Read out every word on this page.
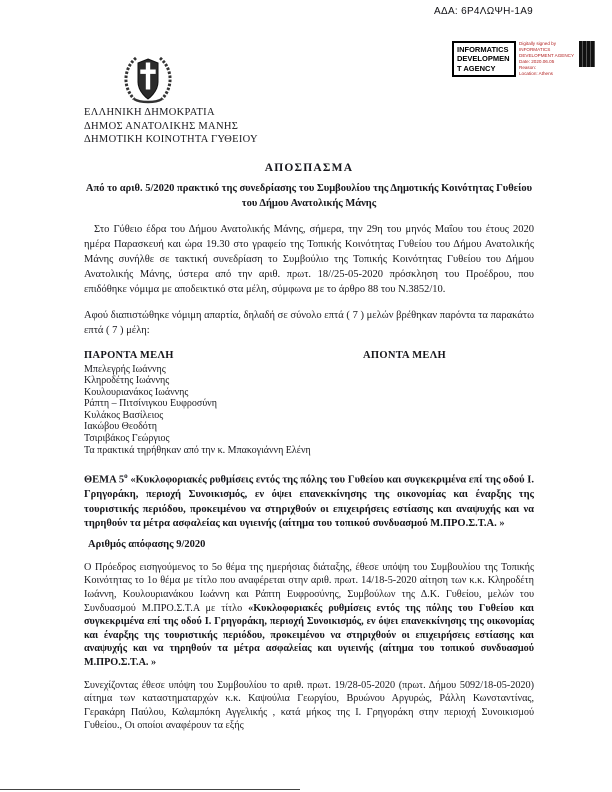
ΑΔΑ: 6Ρ4ΛΩΨΗ-1Α9
INFORMATICS
DEVELOPMEN
T AGENCY
Digitally signed by
INFORMATICS
DEVELOPMENT AGENCY
Date: 2020.06.05
Reason:
Location: Athens
ΕΛΛΗΝΙΚΗ ΔΗΜΟΚΡΑΤΙΑ
ΔΗΜΟΣ ΑΝΑΤΟΛΙΚΗΣ ΜΑΝΗΣ
ΔΗΜΟΤΙΚΗ ΚΟΙΝΟΤΗΤΑ ΓΥΘΕΙΟΥ
ΑΠΟΣΠΑΣΜΑ
Από το αριθ. 5/2020 πρακτικό της συνεδρίασης του Συμβουλίου της Δημοτικής Κοινότητας Γυθείου του Δήμου Ανατολικής Μάνης
Στο Γύθειο έδρα του Δήμου Ανατολικής Μάνης, σήμερα, την 29η του μηνός Μαΐου του έτους 2020 ημέρα Παρασκευή και ώρα 19.30 στο γραφείο της Τοπικής Κοινότητας Γυθείου του Δήμου Ανατολικής Μάνης συνήλθε σε τακτική συνεδρίαση το Συμβούλιο της Τοπικής Κοινότητας Γυθείου του Δήμου Ανατολικής Μάνης, ύστερα από την αριθ. πρωτ. 18//25-05-2020 πρόσκληση του Προέδρου, που επιδόθηκε νόμιμα με αποδεικτικό στα μέλη, σύμφωνα με το άρθρο 88 του Ν.3852/10.
Αφού διαπιστώθηκε νόμιμη απαρτία, δηλαδή σε σύνολο επτά ( 7 ) μελών βρέθηκαν παρόντα τα παρακάτω επτά ( 7 ) μέλη:
ΠΑΡΟΝΤΑ ΜΕΛΗ
Μπελεγρής Ιωάννης
Κληροδέτης Ιωάννης
Κουλουριανάκος Ιωάννης
Ράπτη – Πιτσίνιγκου Ευφροσύνη
Κυλάκος Βασίλειος
Ιακώβου Θεοδότη
Τσιριβάκος Γεώργιος
Τα πρακτικά τηρήθηκαν από την κ. Μπακογιάννη Ελένη
ΑΠΟΝΤΑ ΜΕΛΗ
ΘΕΜΑ $5^o$ «Κυκλοφοριακές ρυθμίσεις εντός της πόλης του Γυθείου και συγκεκριμένα επί της οδού Ι. Γρηγοράκη, περιοχή Συνοικισμός, εν όψει επανεκκίνησης της οικονομίας και έναρξης της τουριστικής περιόδου, προκειμένου να στηριχθούν οι επιχειρήσεις εστίασης και αναψυχής και να τηρηθούν τα μέτρα ασφαλείας και υγιεινής (αίτημα του τοπικού συνδυασμού Μ.ΠΡΟ.Σ.Τ.Α. »
Αριθμός απόφασης 9/2020
Ο Πρόεδρος εισηγούμενος το 5ο θέμα της ημερήσιας διάταξης, έθεσε υπόψη του Συμβουλίου της Τοπικής Κοινότητας το 1ο θέμα με τίτλο που αναφέρεται στην αριθ. πρωτ. 14/18-5-2020 αίτηση των κ.κ. Κληροδέτη Ιωάννη, Κουλουριανάκου Ιωάννη και Ράπτη Ευφροσύνης, Συμβούλων της Δ.Κ. Γυθείου, μελών του Συνδυασμού Μ.ΠΡΟ.Σ.Τ.Α με τίτλο «Κυκλοφοριακές ρυθμίσεις εντός της πόλης του Γυθείου και συγκεκριμένα επί της οδού Ι. Γρηγοράκη, περιοχή Συνοικισμός, εν όψει επανεκκίνησης της οικονομίας και έναρξης της τουριστικής περιόδου, προκειμένου να στηριχθούν οι επιχειρήσεις εστίασης και αναψυχής και να τηρηθούν τα μέτρα ασφαλείας και υγιεινής (αίτημα του τοπικού συνδυασμού Μ.ΠΡΟ.Σ.Τ.Α. »
Συνεχίζοντας έθεσε υπόψη του Συμβουλίου το αριθ. πρωτ. 19/28-05-2020 (πρωτ. Δήμου 5092/18-05-2020) αίτημα των καταστηματαρχών κ.κ. Καψούλια Γεωργίου, Βρυώνου Αργυρώς, Ράλλη Κωνσταντίνας, Γερακάρη Παύλου, Καλαμπόκη Αγγελικής , κατά μήκος της Ι. Γρηγοράκη στην περιοχή Συνοικισμού Γυθείου., Οι οποίοι αναφέρουν τα εξής
